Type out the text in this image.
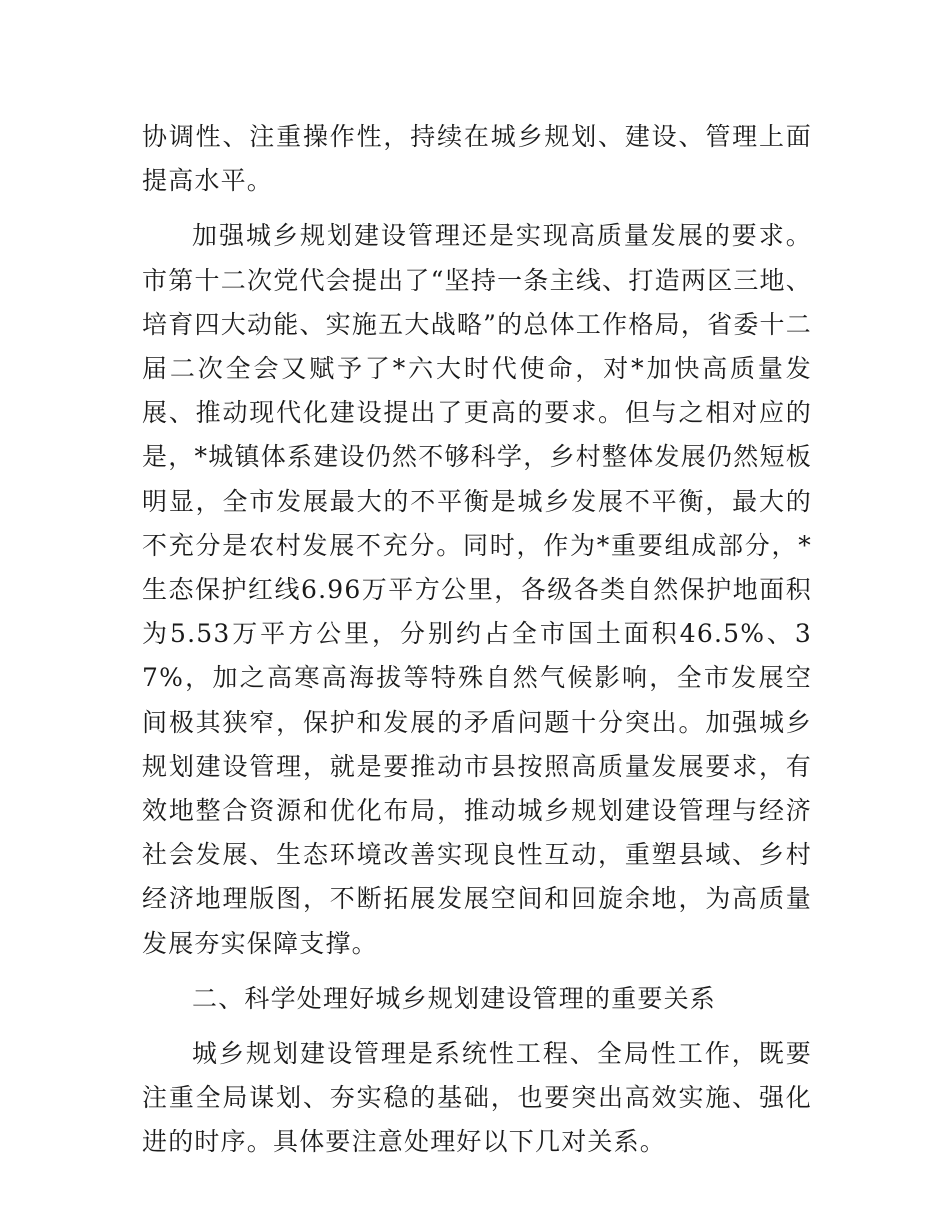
协调性、注重操作性，持续在城乡规划、建设、管理上面提高水平。

加强城乡规划建设管理还是实现高质量发展的要求。市第十二次党代会提出了“坚持一条主线、打造两区三地、培育四大动能、实施五大战略”的总体工作格局，省委十二届二次全会又赋予了*六大时代使命，对*加快高质量发展、推动现代化建设提出了更高的要求。但与之相对应的是，*城镇体系建设仍然不够科学，乡村整体发展仍然短板明显，全市发展最大的不平衡是城乡发展不平衡，最大的不充分是农村发展不充分。同时，作为*重要组成部分，*生态保护红线6.96万平方公里，各级各类自然保护地面积为5.53万平方公里，分别约占全市国土面积46.5%、37%，加之高寒高海拔等特殊自然气候影响，全市发展空间极其狭窄，保护和发展的矛盾问题十分突出。加强城乡规划建设管理，就是要推动市县按照高质量发展要求，有效地整合资源和优化布局，推动城乡规划建设管理与经济社会发展、生态环境改善实现良性互动，重塑县域、乡村经济地理版图，不断拓展发展空间和回旋余地，为高质量发展夯实保障支撑。

二、科学处理好城乡规划建设管理的重要关系

城乡规划建设管理是系统性工程、全局性工作，既要注重全局谋划、夯实稳的基础，也要突出高效实施、强化进的时序。具体要注意处理好以下几对关系。
